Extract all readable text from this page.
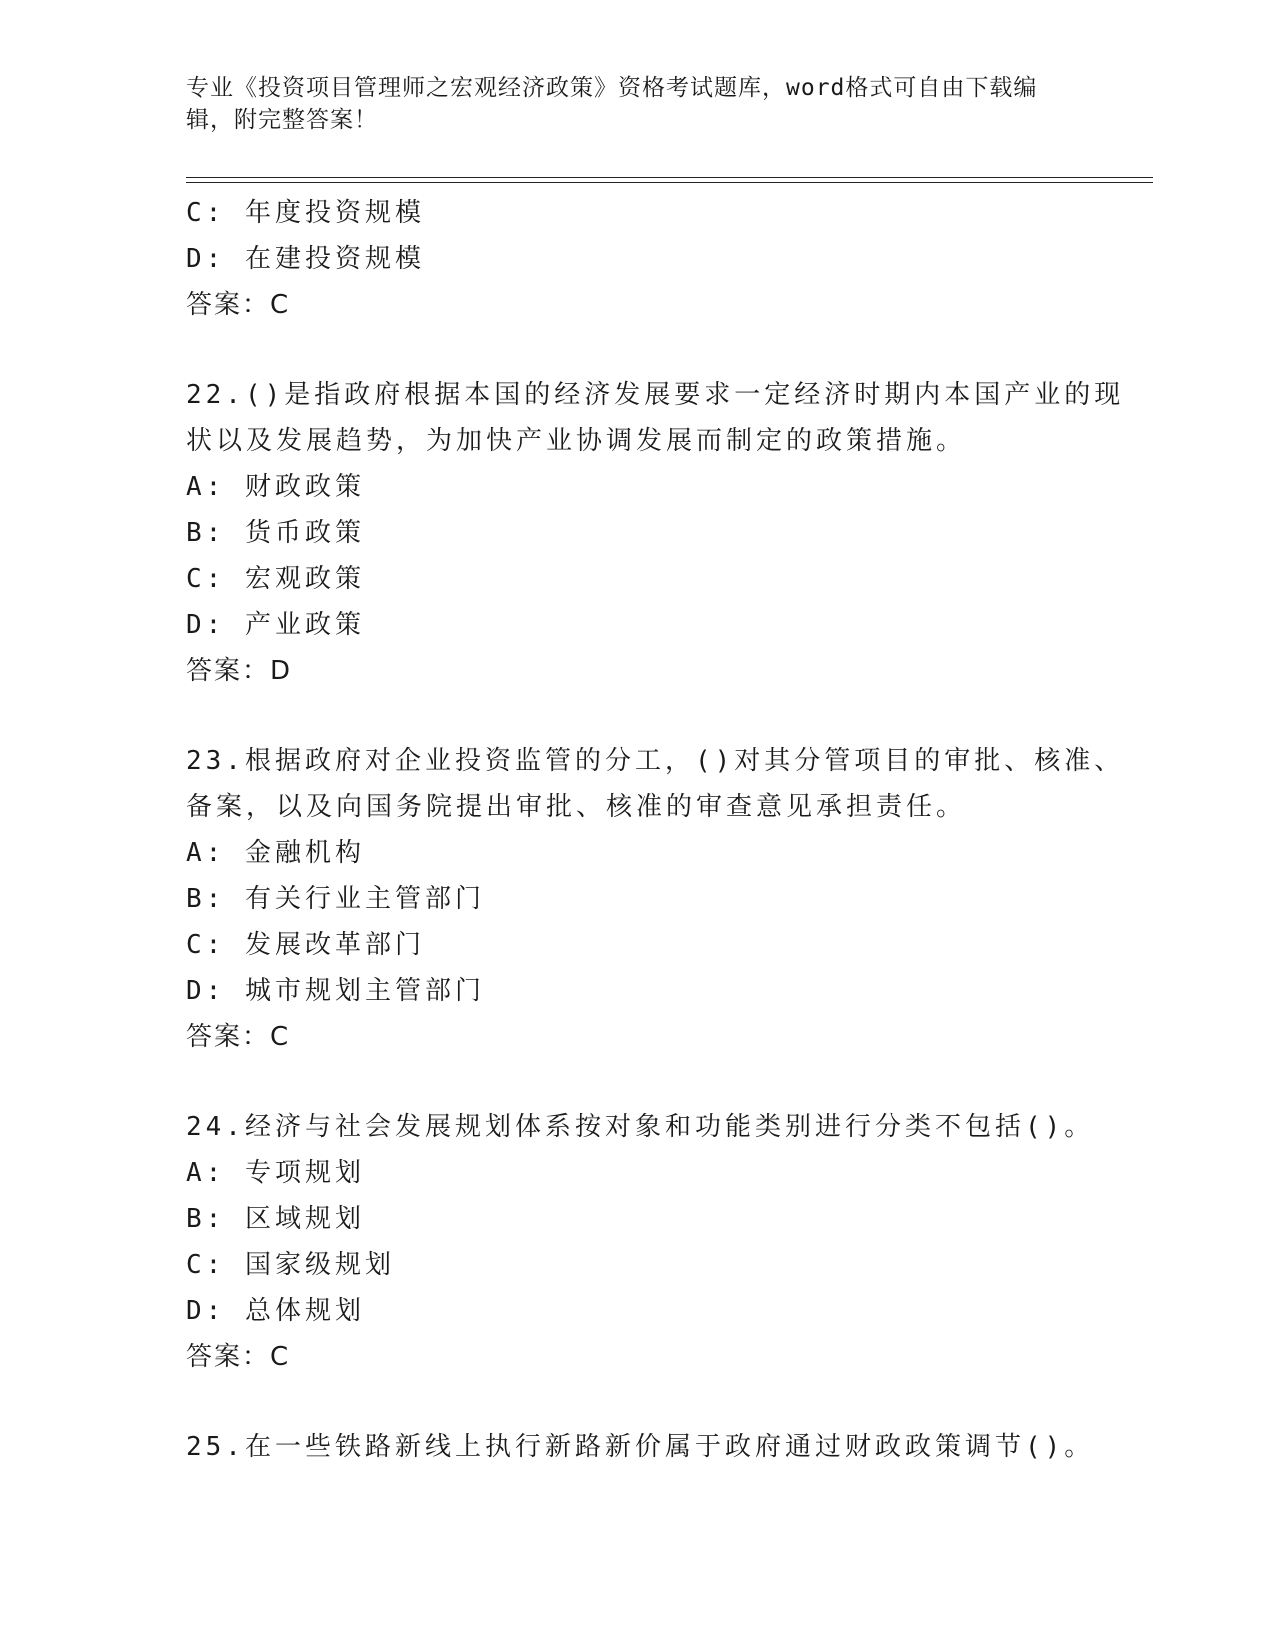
专业《投资项目管理师之宏观经济政策》资格考试题库，word格式可自由下载编
辑，附完整答案！
C: 年度投资规模
D: 在建投资规模
答案：C
22.()是指政府根据本国的经济发展要求一定经济时期内本国产业的现
状以及发展趋势，为加快产业协调发展而制定的政策措施。
A: 财政政策
B: 货币政策
C: 宏观政策
D: 产业政策
答案：D
23.根据政府对企业投资监管的分工，()对其分管项目的审批、核准、
备案，以及向国务院提出审批、核准的审查意见承担责任。
A: 金融机构
B: 有关行业主管部门
C: 发展改革部门
D: 城市规划主管部门
答案：C
24.经济与社会发展规划体系按对象和功能类别进行分类不包括()。
A: 专项规划
B: 区域规划
C: 国家级规划
D: 总体规划
答案：C
25.在一些铁路新线上执行新路新价属于政府通过财政政策调节()。
